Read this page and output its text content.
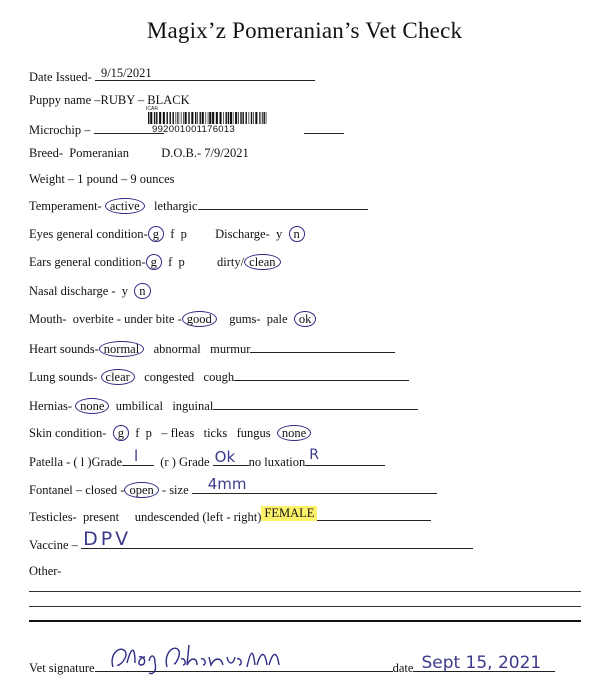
Magix’z Pomeranian’s Vet Check
Date Issued- 9/15/2021
Puppy name –RUBY – BLACK
Microchip –
ICAR
992001001176013
Breed- Pomeranian	D.O.B.- 7/9/2021
Weight – 1 pound – 9 ounces
Temperament- active lethargic
Eyes general condition- g f p Discharge- y n
Ears general condition- g f p	dirty/ clean
Nasal discharge - y n
Mouth- overbite - under bite - good gums- pale ok
Heart sounds- normal abnormal murmur
Lung sounds- clear congested cough
Hernias- none umbilical inguinal
Skin condition- g f p – fleas ticks fungus none
Patella - ( l )Grade l (r ) Grade Ok no luxation R
Fontanel – closed - open - size 4mm
Testicles- present undescended (left - right) FEMALE
Vaccine – DPV
Other-
Vet signature	date Sept 15, 2021
